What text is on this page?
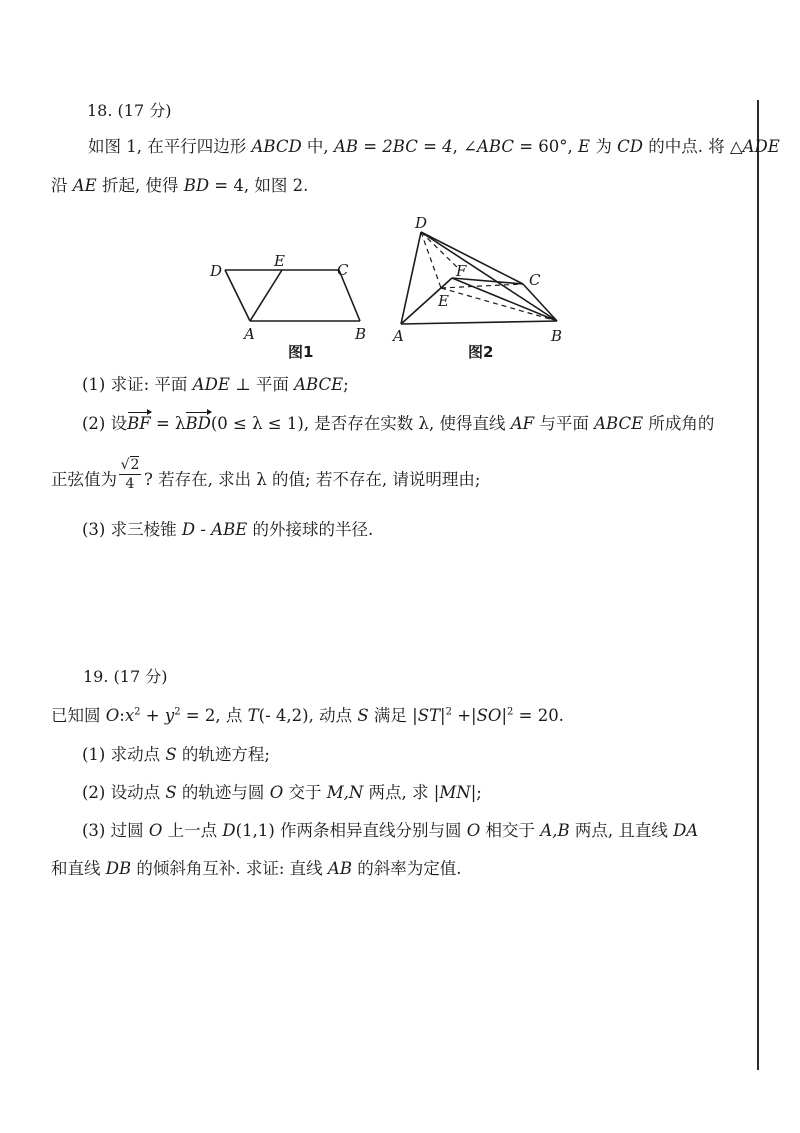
18. (17 分)
如图 1, 在平行四边形 ABCD 中, AB = 2BC = 4, ∠ABC = 60°, E 为 CD 的中点. 将 △ADE
沿 AE 折起, 使得 BD = 4, 如图 2.
D
E	C
A	B
D
F	C
E
A	B
图1	图2
(1) 求证: 平面 ADE ⊥ 平面 ABCE;
(2) 设BF = λBD(0 ≤ λ ≤ 1), 是否存在实数 λ, 使得直线 AF 与平面 ABCE 所成角的
正弦值为 $\frac{√2}{4}$ ? 若存在, 求出 λ 的值; 若不存在, 请说明理由;
(3) 求三棱锥 D - ABE 的外接球的半径.
19. (17 分)
已知圆 $O:x^2 + y^2 = 2$, 点 T(- 4,2), 动点 S 满足 $|ST|^2 +|SO|^2 = 20$.
(1) 求动点 S 的轨迹方程;
(2) 设动点 S 的轨迹与圆 O 交于 M,N 两点, 求 |MN|;
(3) 过圆 O 上一点 D(1,1) 作两条相异直线分别与圆 O 相交于 A,B 两点, 且直线 DA
和直线 DB 的倾斜角互补. 求证: 直线 AB 的斜率为定值.
